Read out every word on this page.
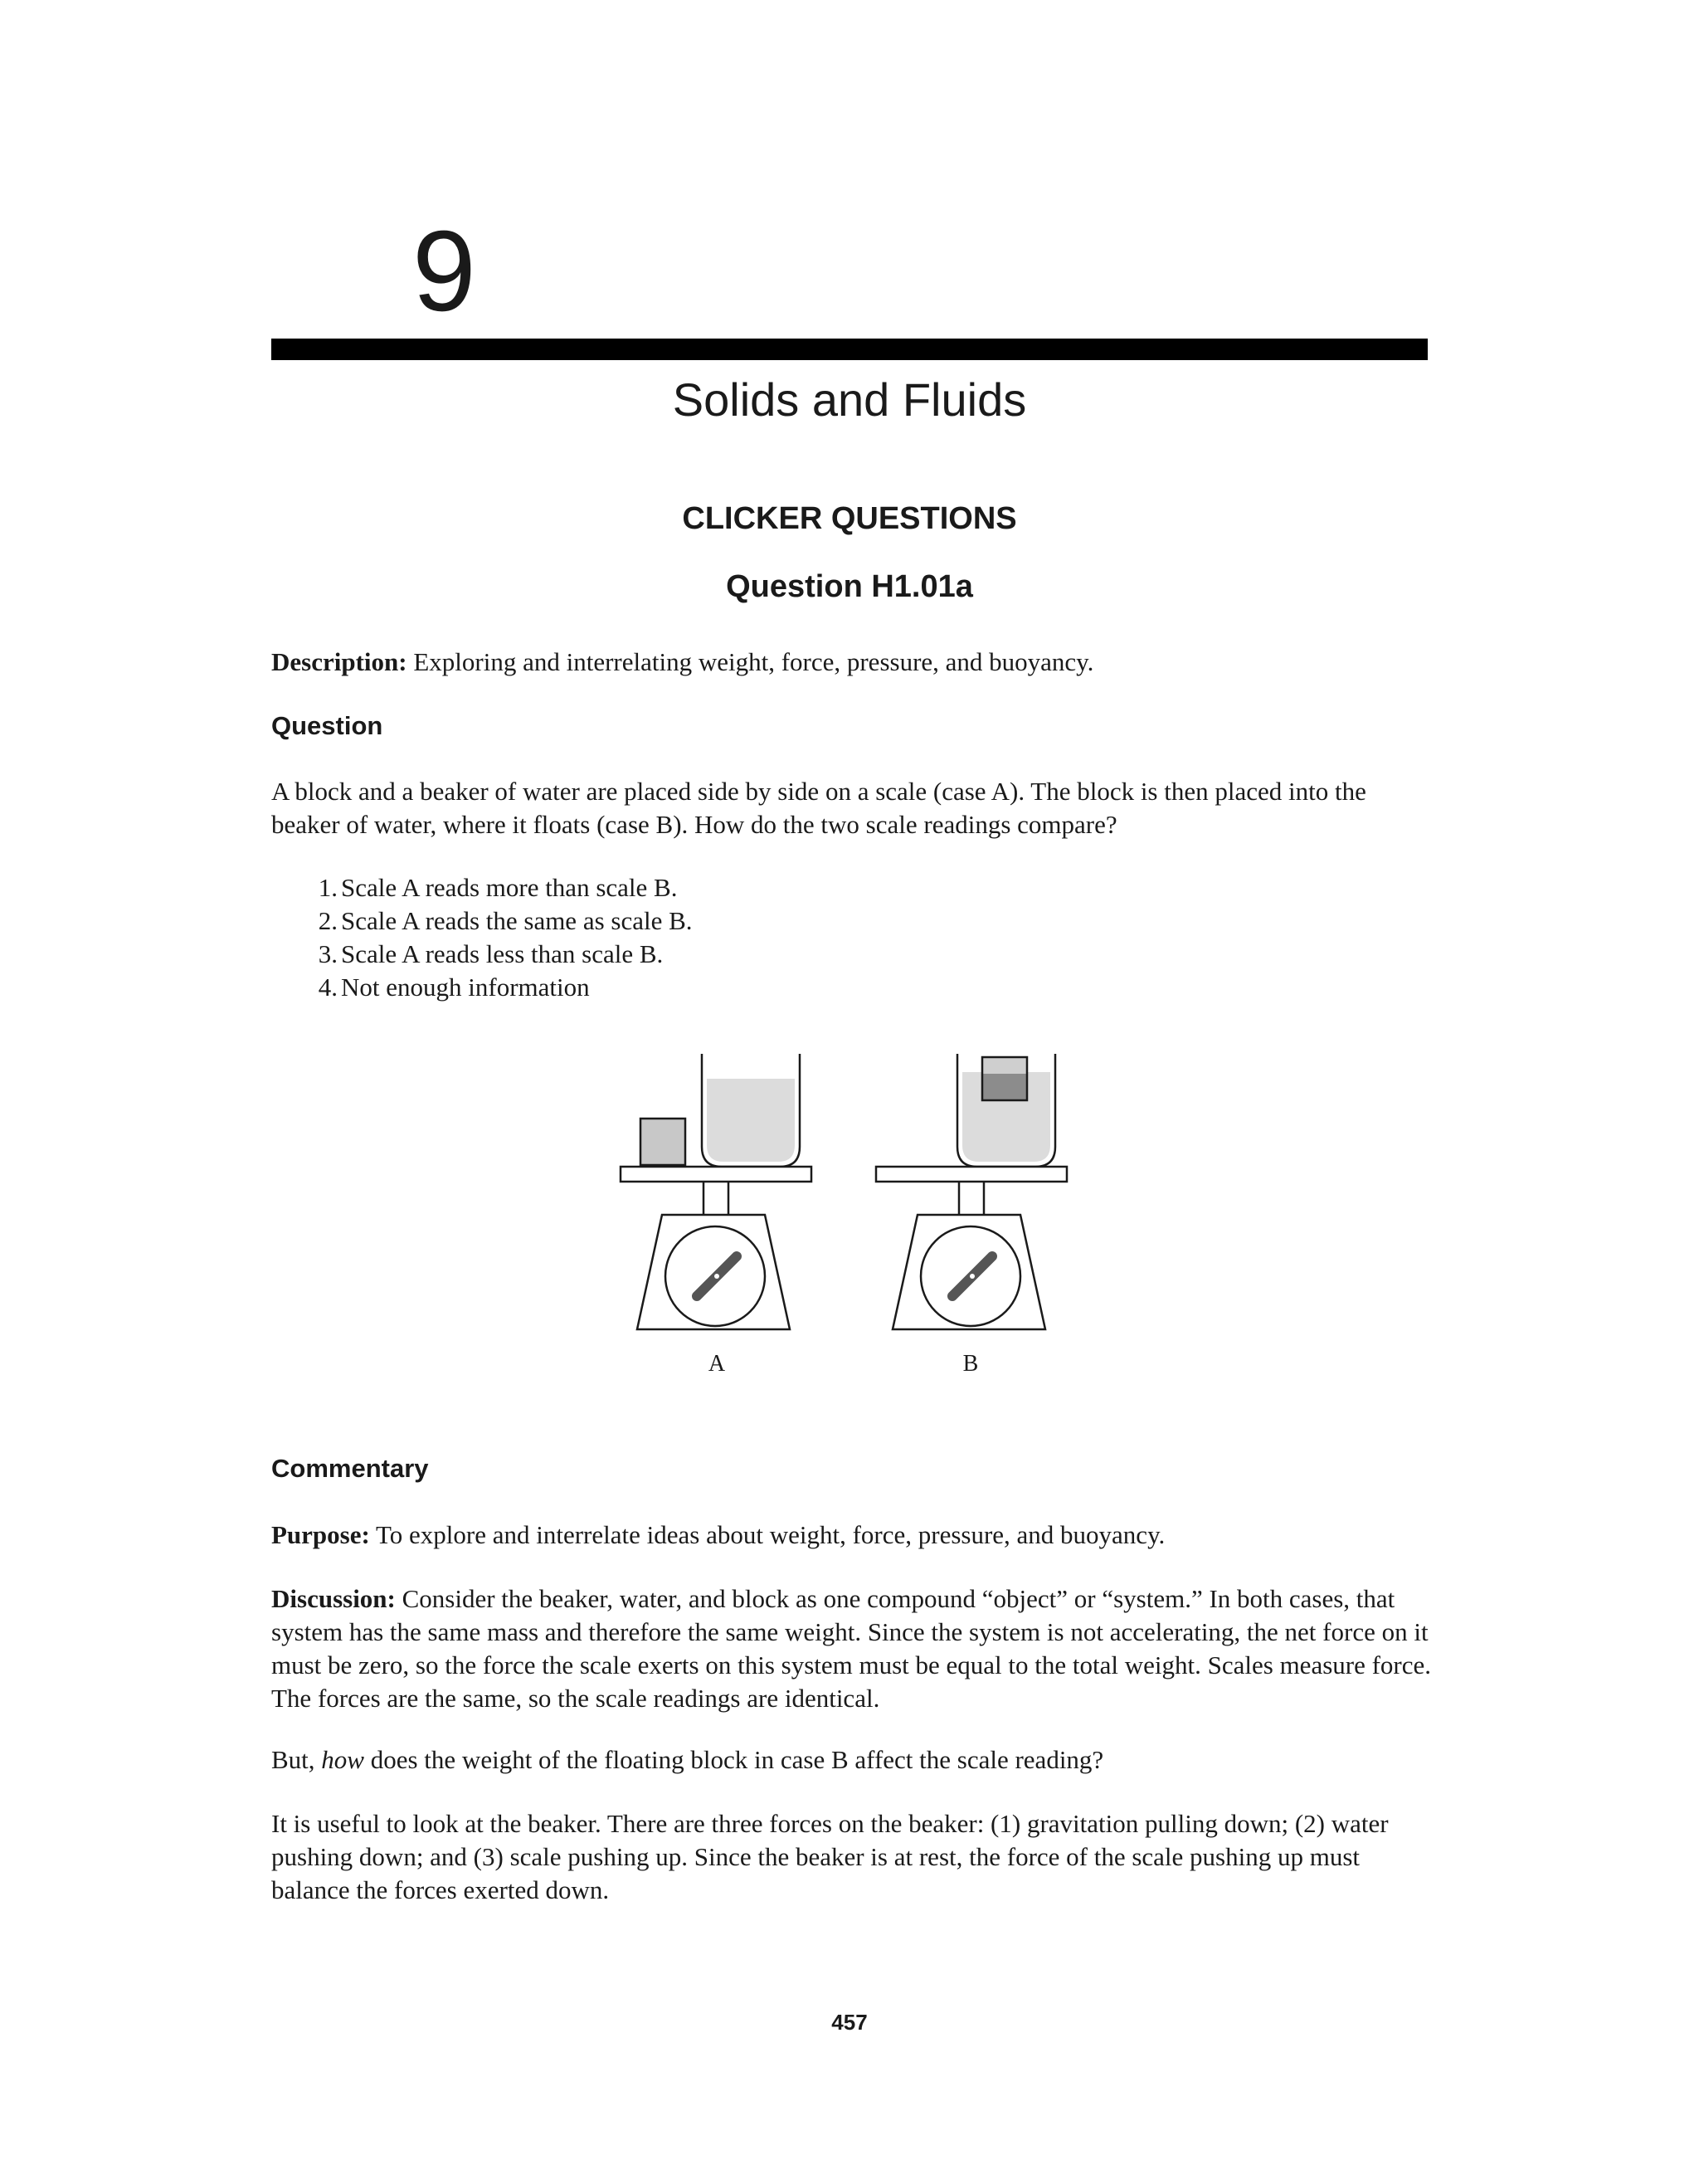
9
Solids and Fluids
CLICKER QUESTIONS
Question H1.01a
Description: Exploring and interrelating weight, force, pressure, and buoyancy.
Question
A block and a beaker of water are placed side by side on a scale (case A). The block is then placed into the beaker of water, where it floats (case B). How do the two scale readings compare?
1. Scale A reads more than scale B.
2. Scale A reads the same as scale B.
3. Scale A reads less than scale B.
4. Not enough information
A	B
Commentary
Purpose: To explore and interrelate ideas about weight, force, pressure, and buoyancy.
Discussion: Consider the beaker, water, and block as one compound “object” or “system.” In both cases, that system has the same mass and therefore the same weight. Since the system is not accelerating, the net force on it must be zero, so the force the scale exerts on this system must be equal to the total weight. Scales measure force. The forces are the same, so the scale readings are identical.
But, how does the weight of the floating block in case B affect the scale reading?
It is useful to look at the beaker. There are three forces on the beaker: (1) gravitation pulling down; (2) water pushing down; and (3) scale pushing up. Since the beaker is at rest, the force of the scale pushing up must balance the forces exerted down.
457
